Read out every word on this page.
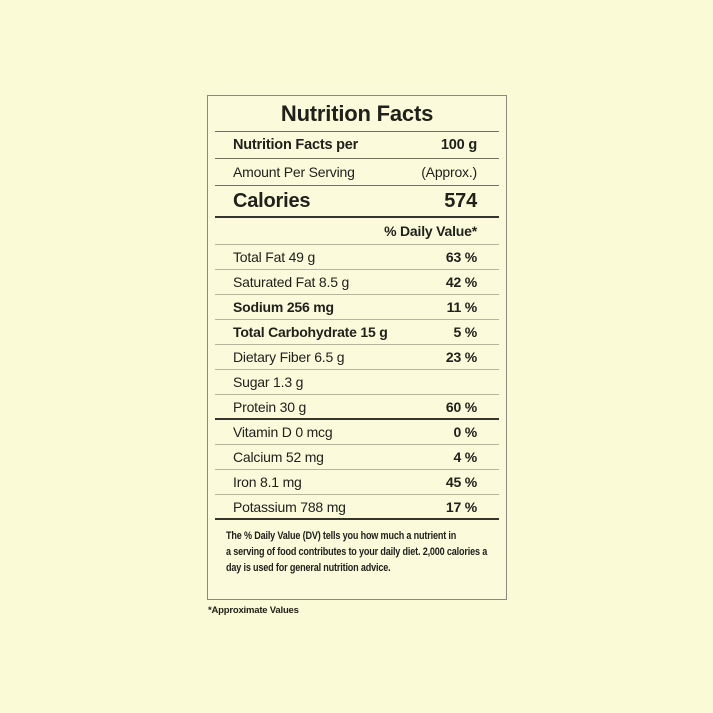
Nutrition Facts
Nutrition Facts per	100 g
Amount Per Serving	(Approx.)
Calories	574
% Daily Value*
Total Fat 49 g	63 %
Saturated Fat 8.5 g	42 %
Sodium 256 mg	11 %
Total Carbohydrate 15 g	5 %
Dietary Fiber 6.5 g	23 %
Sugar 1.3 g
Protein 30 g	60 %
Vitamin D 0 mcg	0 %
Calcium 52 mg	4 %
Iron 8.1 mg	45 %
Potassium 788 mg	17 %
The % Daily Value (DV) tells you how much a nutrient in
a serving of food contributes to your daily diet. 2,000 calories a
day is used for general nutrition advice.
*Approximate Values
